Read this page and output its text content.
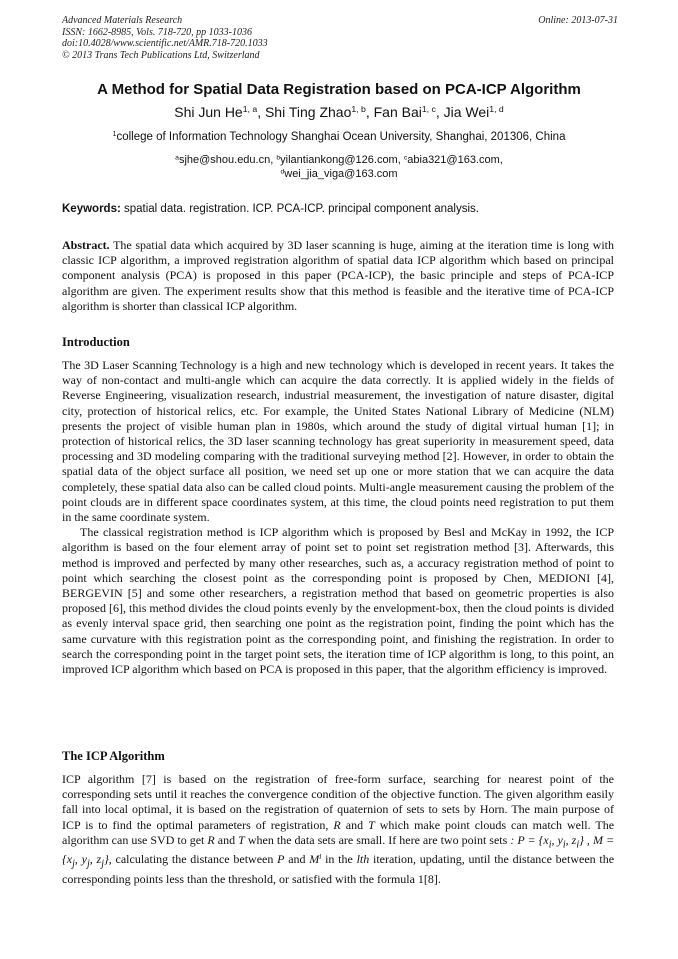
Advanced Materials Research
ISSN: 1662-8985, Vols. 718-720, pp 1033-1036
doi:10.4028/www.scientific.net/AMR.718-720.1033
© 2013 Trans Tech Publications Ltd, Switzerland
Online: 2013-07-31
A Method for Spatial Data Registration based on PCA-ICP Algorithm
Shi Jun He$^{1, a}$, Shi Ting Zhao$^{1, b}$, Fan Bai$^{1, c}$, Jia Wei$^{1, d}$
$^1$college of Information Technology Shanghai Ocean University, Shanghai, 201306, China
$^a$sjhe@shou.edu.cn, $^b$yilantiankong@126.com, $^c$abia321@163.com,
$^d$wei_jia_viga@163.com
Keywords: spatial data. registration. ICP. PCA-ICP. principal component analysis.

Abstract. The spatial data which acquired by 3D laser scanning is huge, aiming at the iteration time is long with classic ICP algorithm, a improved registration algorithm of spatial data ICP algorithm which based on principal component analysis (PCA) is proposed in this paper (PCA-ICP), the basic principle and steps of PCA-ICP algorithm are given. The experiment results show that this method is feasible and the iterative time of PCA-ICP algorithm is shorter than classical ICP algorithm.

Introduction

The 3D Laser Scanning Technology is a high and new technology which is developed in recent years. It takes the way of non-contact and multi-angle which can acquire the data correctly. It is applied widely in the fields of Reverse Engineering, visualization research, industrial measurement, the investigation of nature disaster, digital city, protection of historical relics, etc. For example, the United States National Library of Medicine (NLM) presents the project of visible human plan in 1980s, which around the study of digital virtual human [1]; in protection of historical relics, the 3D laser scanning technology has great superiority in measurement speed, data processing and 3D modeling comparing with the traditional surveying method [2]. However, in order to obtain the spatial data of the object surface all position, we need set up one or more station that we can acquire the data completely, these spatial data also can be called cloud points. Multi-angle measurement causing the problem of the point clouds are in different space coordinates system, at this time, the cloud points need registration to put them in the same coordinate system.

The classical registration method is ICP algorithm which is proposed by Besl and McKay in 1992, the ICP algorithm is based on the four element array of point set to point set registration method [3]. Afterwards, this method is improved and perfected by many other researches, such as, a accuracy registration method of point to point which searching the closest point as the corresponding point is proposed by Chen, MEDIONI [4], BERGEVIN [5] and some other researchers, a registration method that based on geometric properties is also proposed [6], this method divides the cloud points evenly by the envelopment-box, then the cloud points is divided as evenly interval space grid, then searching one point as the registration point, finding the point which has the same curvature with this registration point as the corresponding point, and finishing the registration. In order to search the corresponding point in the target point sets, the iteration time of ICP algorithm is long, to this point, an improved ICP algorithm which based on PCA is proposed in this paper, that the algorithm efficiency is improved.

The ICP Algorithm

ICP algorithm [7] is based on the registration of free-form surface, searching for nearest point of the corresponding sets until it reaches the convergence condition of the objective function. The given algorithm easily fall into local optimal, it is based on the registration of quaternion of sets to sets by Horn. The main purpose of ICP is to find the optimal parameters of registration, R and T which make point clouds can match well. The algorithm can use SVD to get R and T when the data sets are small. If here are two point sets : $P = \{x_i$, $y_i$, $z_i$} , $M = \{x_j$, $y_j$, $z_j$}, calculating the distance between P and $M^l$ in the lth iteration, updating, until the distance between the corresponding points less than the threshold, or satisfied with the formula 1[8].
